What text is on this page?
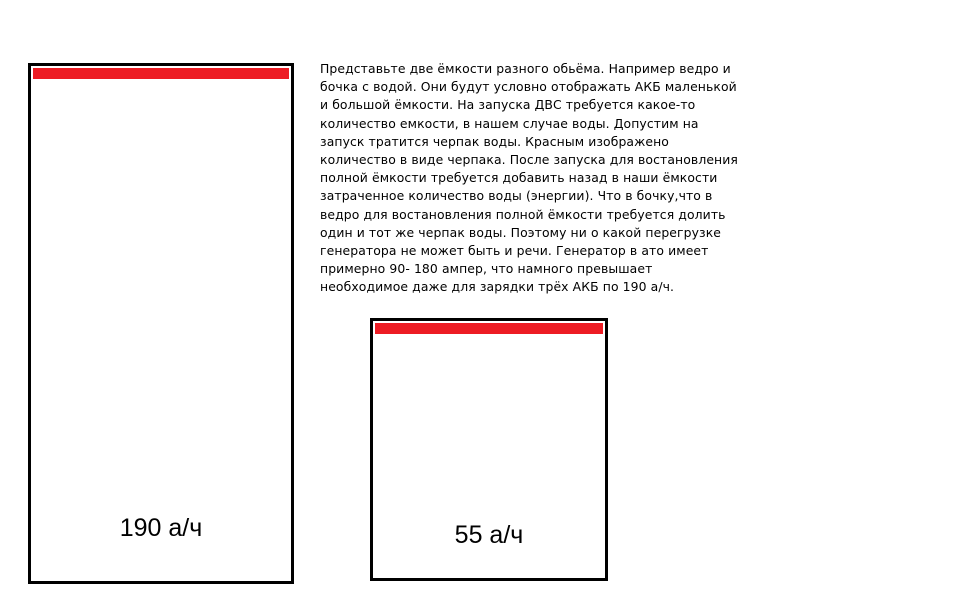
190 а/ч	55 а/ч

Представьте две ёмкости разного обьёма. Например ведро и
бочка с водой. Они будут условно отображать АКБ маленькой
и большой ёмкости. На запуска ДВС требуется какое-то
количество емкости, в нашем случае воды. Допустим на
запуск тратится черпак воды. Красным изображено
количество в виде черпака. После запуска для востановления
полной ёмкости требуется добавить назад в наши ёмкости
затраченное количество воды (энергии). Что в бочку,что в
ведро для востановления полной ёмкости требуется долить
один и тот же черпак воды. Поэтому ни о какой перегрузке
генератора не может быть и речи. Генератор в ато имеет
примерно 90- 180 ампер, что намного превышает
необходимое даже для зарядки трёх АКБ по 190 а/ч.
